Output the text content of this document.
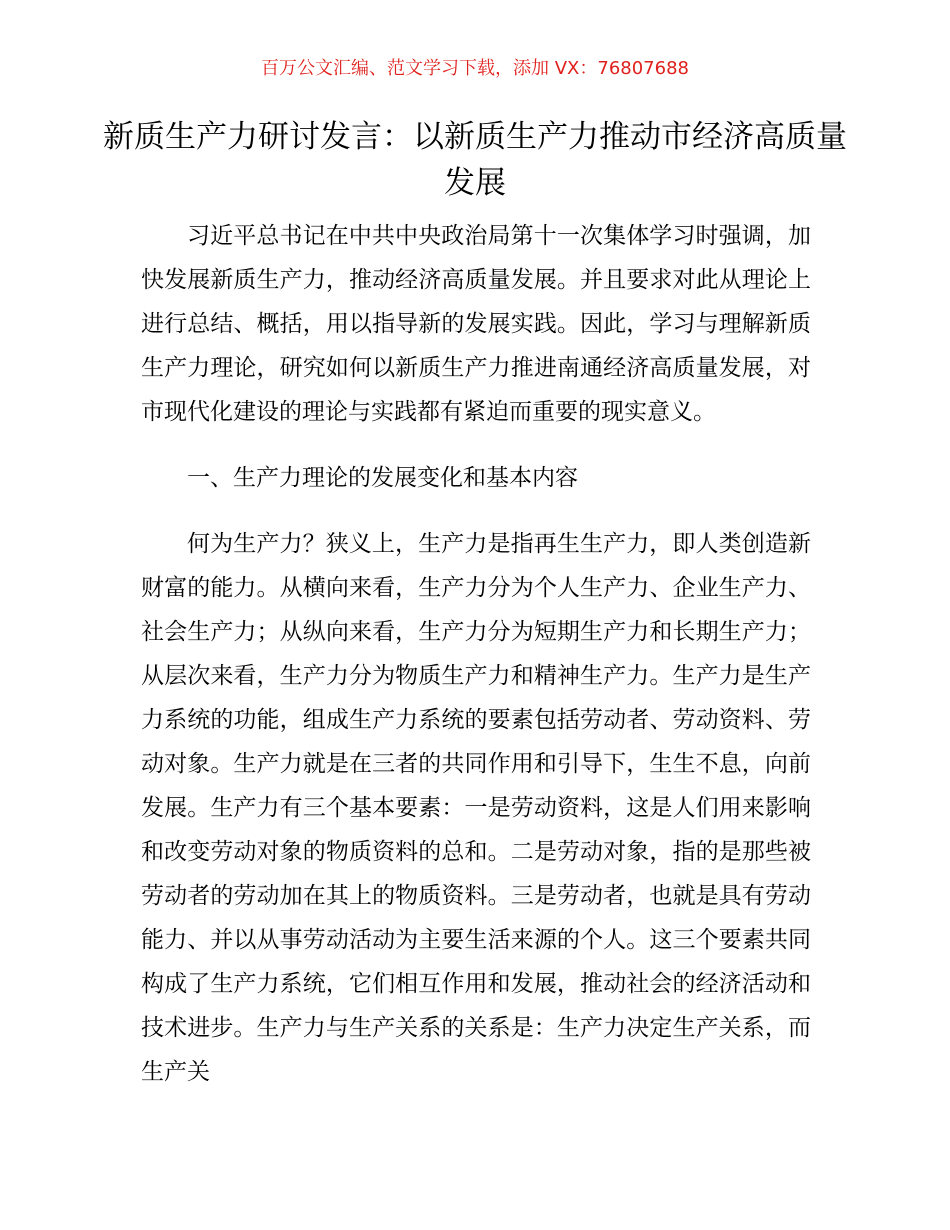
百万公文汇编、范文学习下载，添加 VX：76807688
新质生产力研讨发言：以新质生产力推动市经济高质量发展

习近平总书记在中共中央政治局第十一次集体学习时强调，加快发展新质生产力，推动经济高质量发展。并且要求对此从理论上进行总结、概括，用以指导新的发展实践。因此，学习与理解新质生产力理论，研究如何以新质生产力推进南通经济高质量发展，对市现代化建设的理论与实践都有紧迫而重要的现实意义。

一、生产力理论的发展变化和基本内容

何为生产力？狭义上，生产力是指再生生产力，即人类创造新财富的能力。从横向来看，生产力分为个人生产力、企业生产力、社会生产力；从纵向来看，生产力分为短期生产力和长期生产力；从层次来看，生产力分为物质生产力和精神生产力。生产力是生产力系统的功能，组成生产力系统的要素包括劳动者、劳动资料、劳动对象。生产力就是在三者的共同作用和引导下，生生不息，向前发展。生产力有三个基本要素：一是劳动资料，这是人们用来影响和改变劳动对象的物质资料的总和。二是劳动对象，指的是那些被劳动者的劳动加在其上的物质资料。三是劳动者，也就是具有劳动能力、并以从事劳动活动为主要生活来源的个人。这三个要素共同构成了生产力系统，它们相互作用和发展，推动社会的经济活动和技术进步。生产力与生产关系的关系是：生产力决定生产关系，而生产关
